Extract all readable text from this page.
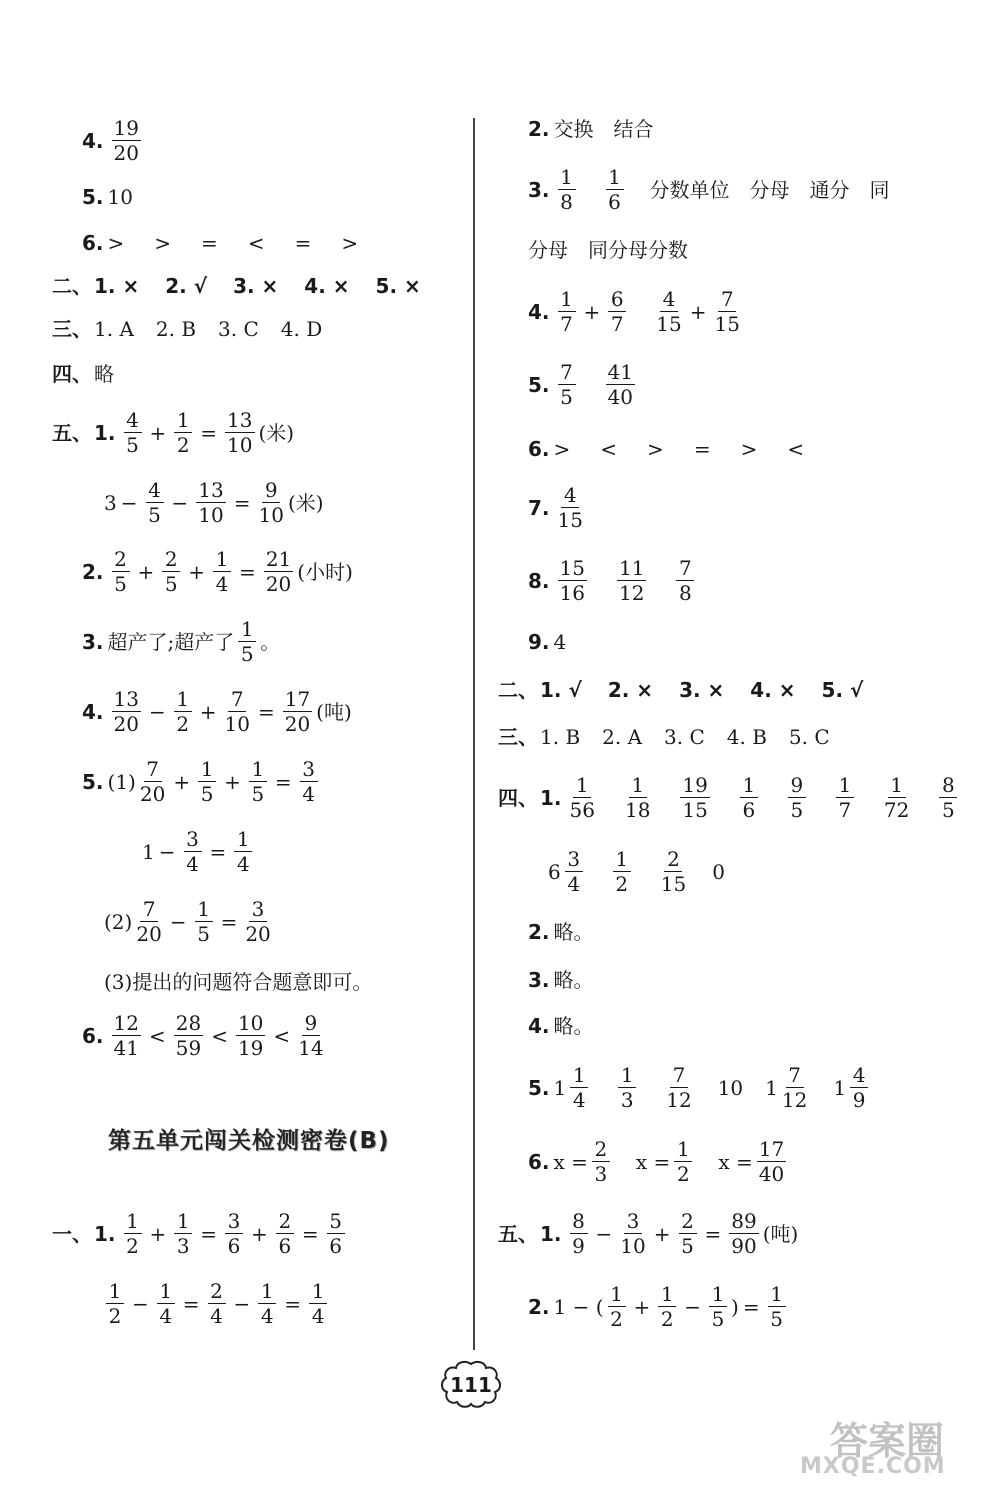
4. $\frac{19}{20}$
5. 10
6. > > = < = >
二、 1. × 2. √ 3. × 4. × 5. ×
三、 1. A 2. B 3. C 4. D
四、 略
五、 1. $\frac{4}{5} + \frac{1}{2} = \frac{13}{10}$ (米)
$3 - \frac{4}{5} - \frac{13}{10} = \frac{9}{10}$ (米)
2. $\frac{2}{5} + \frac{2}{5} + \frac{1}{4} = \frac{21}{20}$ (小时)
3. 超产了;超产了 $\frac{1}{5}$ 。
4. $\frac{13}{20} - \frac{1}{2} + \frac{7}{10} = \frac{17}{20}$ (吨)
5. $(1) \frac{7}{20} + \frac{1}{5} + \frac{1}{5} = \frac{3}{4}$
$1 - \frac{3}{4} = \frac{1}{4}$
$(2) \frac{7}{20} - \frac{1}{5} = \frac{3}{20}$
(3)提出的问题符合题意即可。
6. $\frac{12}{41} < \frac{28}{59} < \frac{10}{19} < \frac{9}{14}$
第五单元闯关检测密卷(B)
一、 1. $\frac{1}{2} + \frac{1}{3} = \frac{3}{6} + \frac{2}{6} = \frac{5}{6}$
$\frac{1}{2} - \frac{1}{4} = \frac{2}{4} - \frac{1}{4} = \frac{1}{4}$
2. 交换　结合
3. $\frac{1}{8} \frac{1}{6}$ 分数单位　分母　通分　同
分母　同分母分数
4. $\frac{1}{7} + \frac{6}{7} \frac{4}{15} + \frac{7}{15}$
5. $\frac{7}{5} \frac{41}{40}$
6. > < > = > <
7. $\frac{4}{15}$
8. $\frac{15}{16} \frac{11}{12} \frac{7}{8}$
9. 4
二、 1. √ 2. × 3. × 4. × 5. √
三、 1. B 2. A 3. C 4. B 5. C
四、 1. $\frac{1}{56} \frac{1}{18} \frac{19}{15} \frac{1}{6} \frac{9}{5} \frac{1}{7} \frac{1}{72} \frac{8}{5}$
$6 \frac{3}{4} \frac{1}{2} \frac{2}{15} 0$
2. 略。
3. 略。
4. 略。
5. $1 \frac{1}{4} \frac{1}{3} \frac{7}{12} 10$ $1 \frac{7}{12} 1 \frac{4}{9}$
6. $x = \frac{2}{3}$ $x = \frac{1}{2}$ $x = \frac{17}{40}$
五、 1. $\frac{8}{9} - \frac{3}{10} + \frac{2}{5} = \frac{89}{90}$ (吨)
2. 1 − ( $\frac{1}{2} + \frac{1}{2} - \frac{1}{5}$ ) = $\frac{1}{5}$
111
答案圈
MXQE.COM
